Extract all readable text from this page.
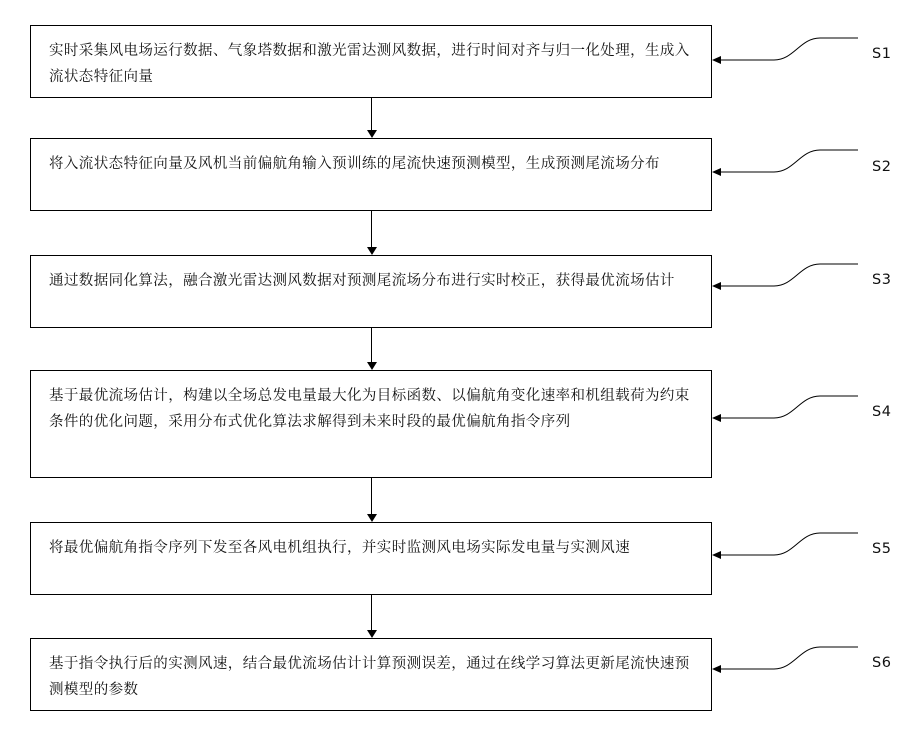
实时采集风电场运行数据、气象塔数据和激光雷达测风数据，进行时间对齐与归一化处理，生成入流状态特征向量
S1
将入流状态特征向量及风机当前偏航角输入预训练的尾流快速预测模型，生成预测尾流场分布	S2
通过数据同化算法，融合激光雷达测风数据对预测尾流场分布进行实时校正，获得最优流场估计	S3
基于最优流场估计，构建以全场总发电量最大化为目标函数、以偏航角变化速率和机组载荷为约束条件的优化问题，采用分布式优化算法求解得到未来时段的最优偏航角指令序列
S4
将最优偏航角指令序列下发至各风电机组执行，并实时监测风电场实际发电量与实测风速	S5
基于指令执行后的实测风速，结合最优流场估计计算预测误差，通过在线学习算法更新尾流快速预测模型的参数
S6
